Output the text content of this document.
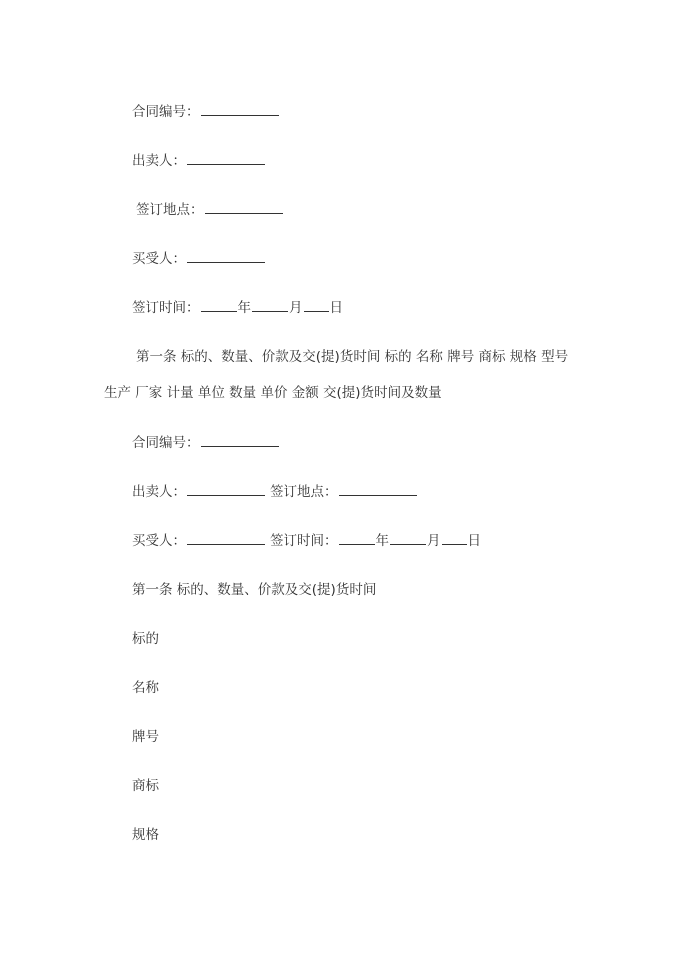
合同编号：
出卖人：
签订地点：
买受人：
签订时间：	年	月 日
第一条 标的、数量、价款及交(提)货时间 标的 名称 牌号 商标 规格 型号
生产 厂家 计量 单位 数量 单价 金额 交(提)货时间及数量
合同编号：
出卖人：	签订地点：
买受人：	签订时间：	年	月 日
第一条 标的、数量、价款及交(提)货时间
标的
名称
牌号
商标
规格
